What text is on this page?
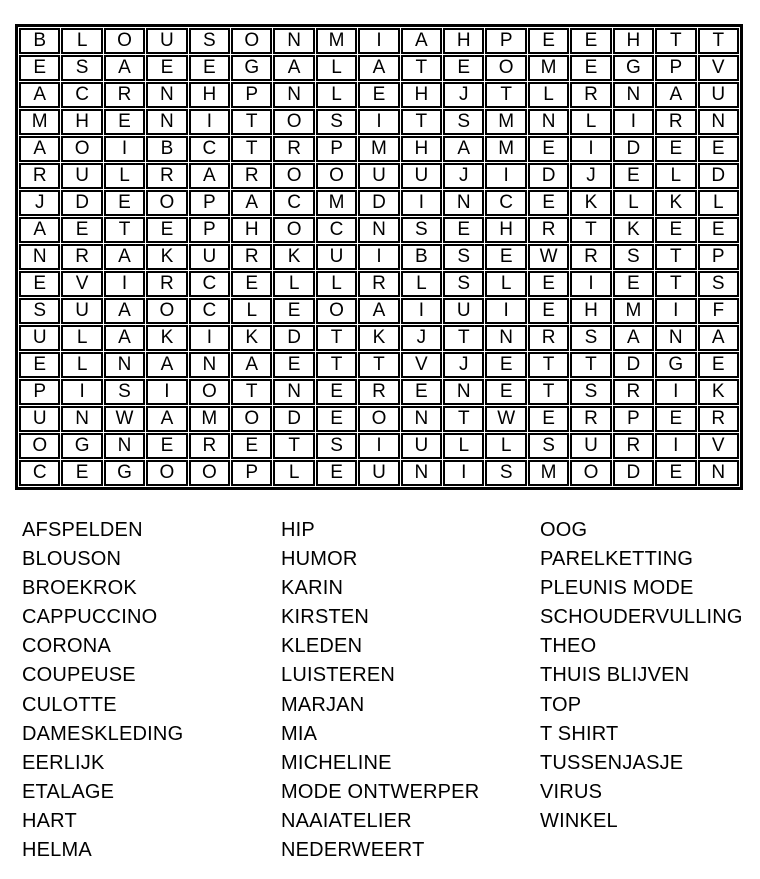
B	L	O	U	S	O	N	M	I	A	H	P	E	E	H	T	T
E	S	A	E	E	G	A	L	A	T	E	O	M	E	G	P	V
A	C	R	N	H	P	N	L	E	H	J	T	L	R	N	A	U
M	H	E	N	I	T	O	S	I	T	S	M	N	L	I	R	N
A	O	I	B	C	T	R	P	M	H	A	M	E	I	D	E	E
R	U	L	R	A	R	O	O	U	U	J	I	D	J	E	L	D
J	D	E	O	P	A	C	M	D	I	N	C	E	K	L	K	L
A	E	T	E	P	H	O	C	N	S	E	H	R	T	K	E	E
N	R	A	K	U	R	K	U	I	B	S	E	W	R	S	T	P
E	V	I	R	C	E	L	L	R	L	S	L	E	I	E	T	S
S	U	A	O	C	L	E	O	A	I	U	I	E	H	M	I	F
U	L	A	K	I	K	D	T	K	J	T	N	R	S	A	N	A
E	L	N	A	N	A	E	T	T	V	J	E	T	T	D	G	E
P	I	S	I	O	T	N	E	R	E	N	E	T	S	R	I	K
U	N	W	A	M	O	D	E	O	N	T	W	E	R	P	E	R
O	G	N	E	R	E	T	S	I	U	L	L	S	U	R	I	V
C	E	G	O	O	P	L	E	U	N	I	S	M	O	D	E	N
AFSPELDEN
BLOUSON
BROEKROK
CAPPUCCINO
CORONA
COUPEUSE
CULOTTE
DAMESKLEDING
EERLIJK
ETALAGE
HART
HELMA
HIP
HUMOR
KARIN
KIRSTEN
KLEDEN
LUISTEREN
MARJAN
MIA
MICHELINE
MODE ONTWERPER
NAAIATELIER
NEDERWEERT
OOG
PARELKETTING
PLEUNIS MODE
SCHOUDERVULLING
THEO
THUIS BLIJVEN
TOP
T SHIRT
TUSSENJASJE
VIRUS
WINKEL
